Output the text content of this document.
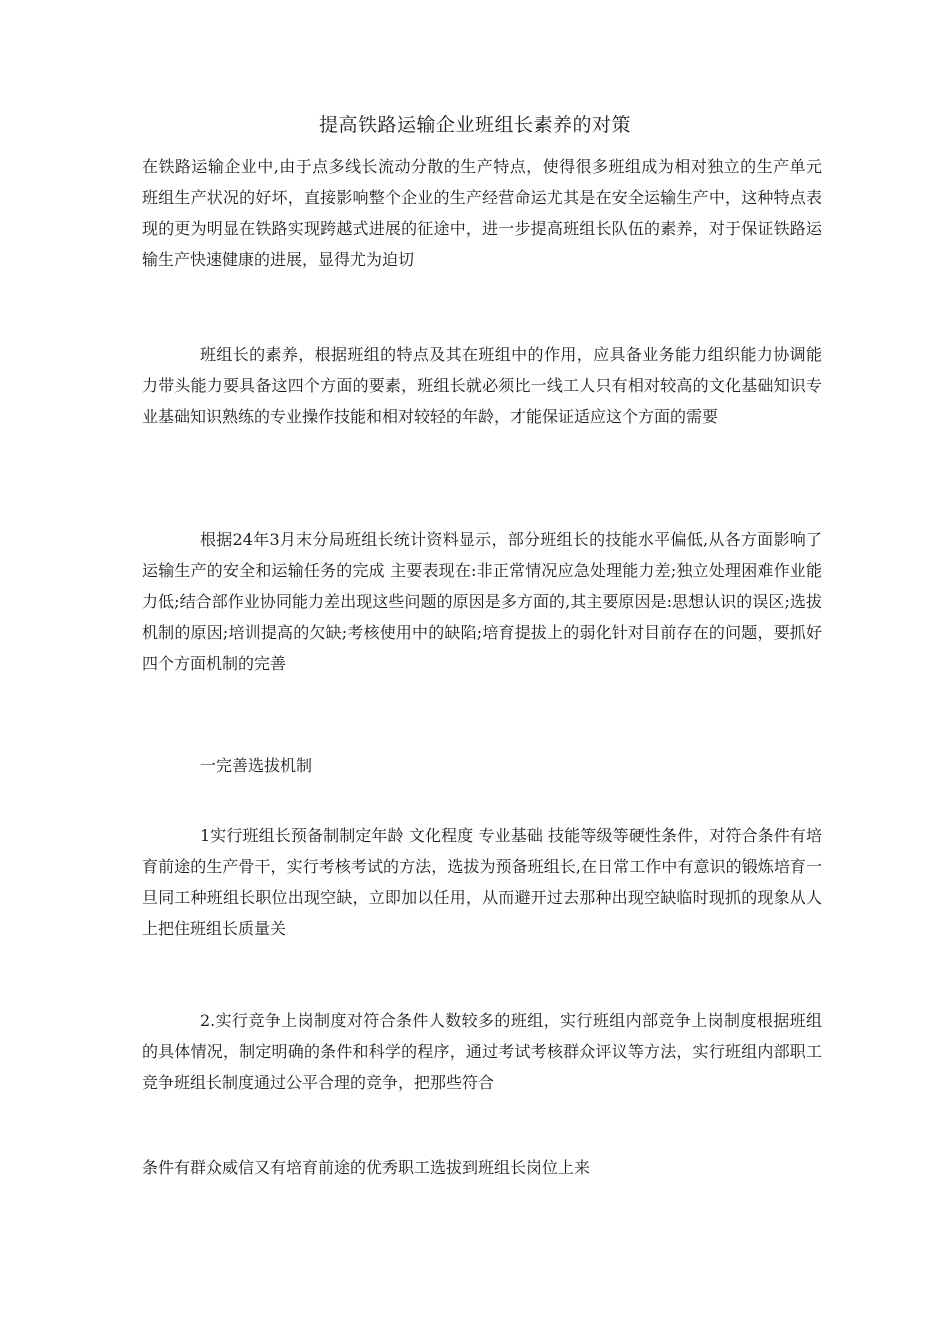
提高铁路运输企业班组长素养的对策
在铁路运输企业中,由于点多线长流动分散的生产特点，使得很多班组成为相对独立的生产单元 班组生产状况的好坏，直接影响整个企业的生产经营命运尤其是在安全运输生产中，这种特点表现的更为明显在铁路实现跨越式进展的征途中，进一步提高班组长队伍的素养，对于保证铁路运输生产快速健康的进展，显得尤为迫切
班组长的素养，根据班组的特点及其在班组中的作用，应具备业务能力组织能力协调能力带头能力要具备这四个方面的要素，班组长就必须比一线工人只有相对较高的文化基础知识专业基础知识熟练的专业操作技能和相对较轻的年龄，才能保证适应这个方面的需要
根据24年3月末分局班组长统计资料显示，部分班组长的技能水平偏低,从各方面影响了运输生产的安全和运输任务的完成 主要表现在:非正常情况应急处理能力差;独立处理困难作业能力低;结合部作业协同能力差出现这些问题的原因是多方面的,其主要原因是:思想认识的误区;选拔机制的原因;培训提高的欠缺;考核使用中的缺陷;培育提拔上的弱化针对目前存在的问题，要抓好四个方面机制的完善
一完善选拔机制
1实行班组长预备制制定年龄 文化程度 专业基础 技能等级等硬性条件，对符合条件有培育前途的生产骨干，实行考核考试的方法，选拔为预备班组长,在日常工作中有意识的锻炼培育一旦同工种班组长职位出现空缺，立即加以任用，从而避开过去那种出现空缺临时现抓的现象从人上把住班组长质量关
2.实行竞争上岗制度对符合条件人数较多的班组，实行班组内部竞争上岗制度根据班组的具体情况，制定明确的条件和科学的程序，通过考试考核群众评议等方法，实行班组内部职工竞争班组长制度通过公平合理的竞争，把那些符合
条件有群众威信又有培育前途的优秀职工选拔到班组长岗位上来
